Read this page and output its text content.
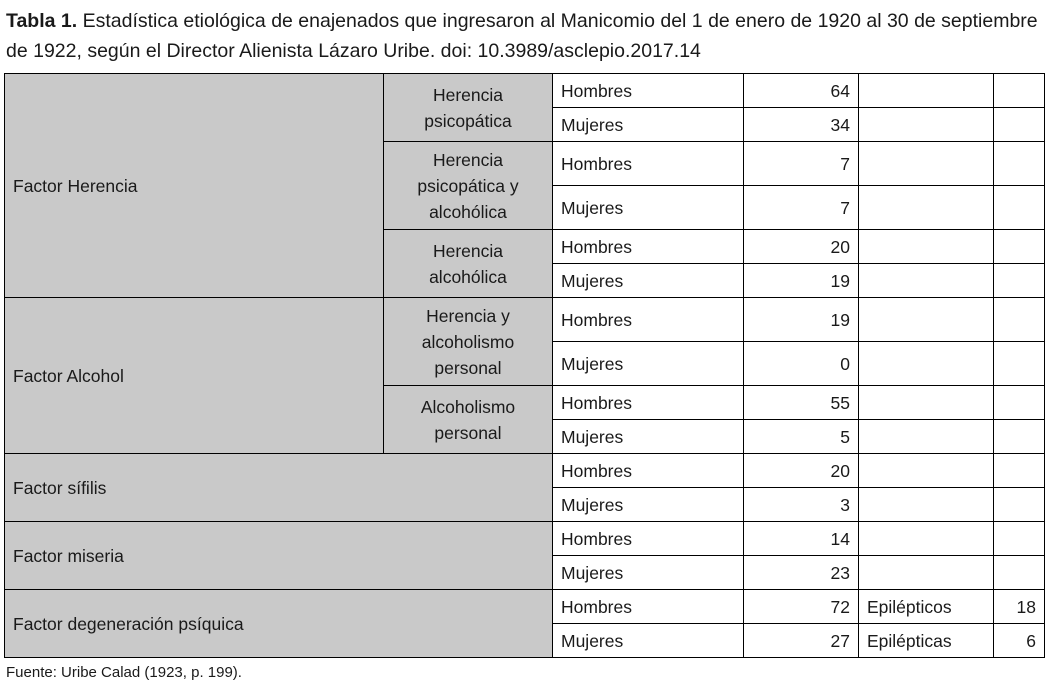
Tabla 1. Estadística etiológica de enajenados que ingresaron al Manicomio del 1 de enero de 1920 al 30 de septiembre de 1922, según el Director Alienista Lázaro Uribe. doi: 10.3989/asclepio.2017.14

Factor Herencia	Herencia psicopática	Hombres	64		
		Mujeres	34		
	Herencia psicopática y alcohólica	Hombres	7		
		Mujeres	7		
	Herencia alcohólica	Hombres	20		
		Mujeres	19		
Factor Alcohol	Herencia y alcoholismo personal	Hombres	19		
		Mujeres	0		
	Alcoholismo personal	Hombres	55		
		Mujeres	5		
Factor sífilis		Hombres	20		
		Mujeres	3		
Factor miseria		Hombres	14		
		Mujeres	23		
Factor degeneración psíquica		Hombres	72	Epilépticos	18
		Mujeres	27	Epilépticas	6

Fuente: Uribe Calad (1923, p. 199).
